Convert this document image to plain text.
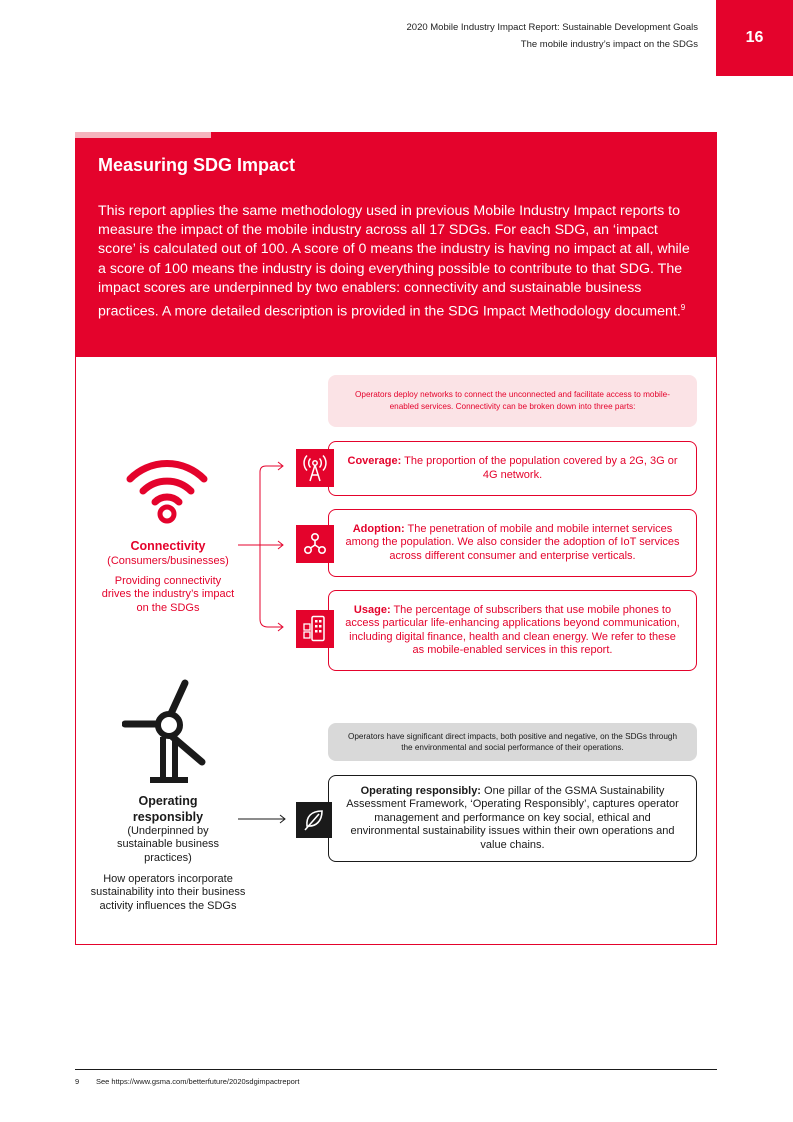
2020 Mobile Industry Impact Report: Sustainable Development Goals
The mobile industry’s impact on the SDGs	16
Measuring SDG Impact
This report applies the same methodology used in previous Mobile Industry Impact reports to measure the impact of the mobile industry across all 17 SDGs. For each SDG, an ‘impact score’ is calculated out of 100. A score of 0 means the industry is having no impact at all, while a score of 100 means the industry is doing everything possible to contribute to that SDG. The impact scores are underpinned by two enablers: connectivity and sustainable business practices. A more detailed description is provided in the SDG Impact Methodology document.$^9$
Connectivity
(Consumers/businesses)
Providing connectivity drives the industry’s impact on the SDGs
Operators deploy networks to connect the unconnected and facilitate access to mobile-enabled services. Connectivity can be broken down into three parts:
Coverage: The proportion of the population covered by a 2G, 3G or 4G network.
Adoption: The penetration of mobile and mobile internet services among the population. We also consider the adoption of IoT services across different consumer and enterprise verticals.
Usage: The percentage of subscribers that use mobile phones to access particular life-enhancing applications beyond communication, including digital finance, health and clean energy. We refer to these as mobile-enabled services in this report.
Operating responsibly
(Underpinned by sustainable business practices)
How operators incorporate sustainability into their business activity influences the SDGs
Operators have significant direct impacts, both positive and negative, on the SDGs through the environmental and social performance of their operations.
Operating responsibly: One pillar of the GSMA Sustainability Assessment Framework, ‘Operating Responsibly’, captures operator management and performance on key social, ethical and environmental sustainability issues within their own operations and value chains.
9 See https://www.gsma.com/betterfuture/2020sdgimpactreport
